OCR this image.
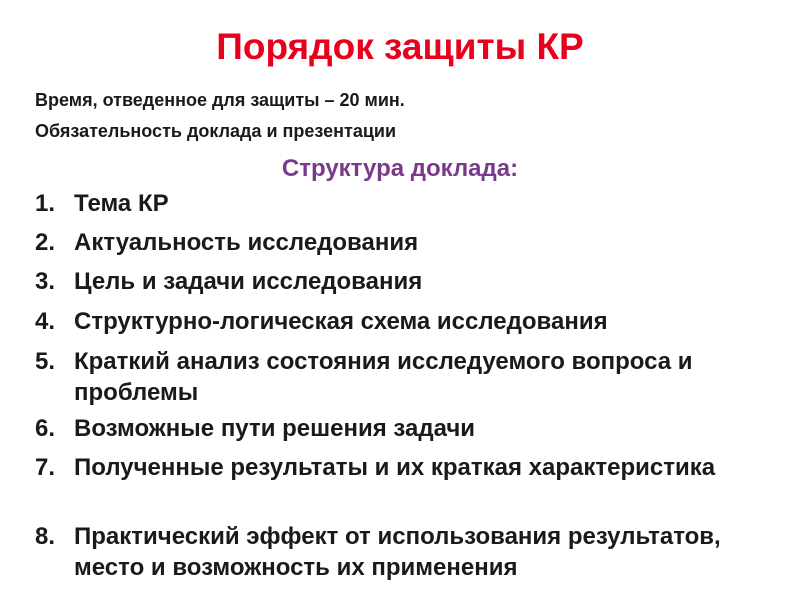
Порядок защиты КР
Время, отведенное для защиты – 20 мин.
Обязательность доклада и презентации
Структура доклада:
1. Тема КР
2. Актуальность исследования
3. Цель и задачи исследования
4. Структурно-логическая схема исследования
5. Краткий анализ состояния исследуемого вопроса и проблемы
6. Возможные пути решения задачи
7. Полученные результаты и их краткая характеристика
8. Практический эффект от использования результатов, место и возможность их применения
